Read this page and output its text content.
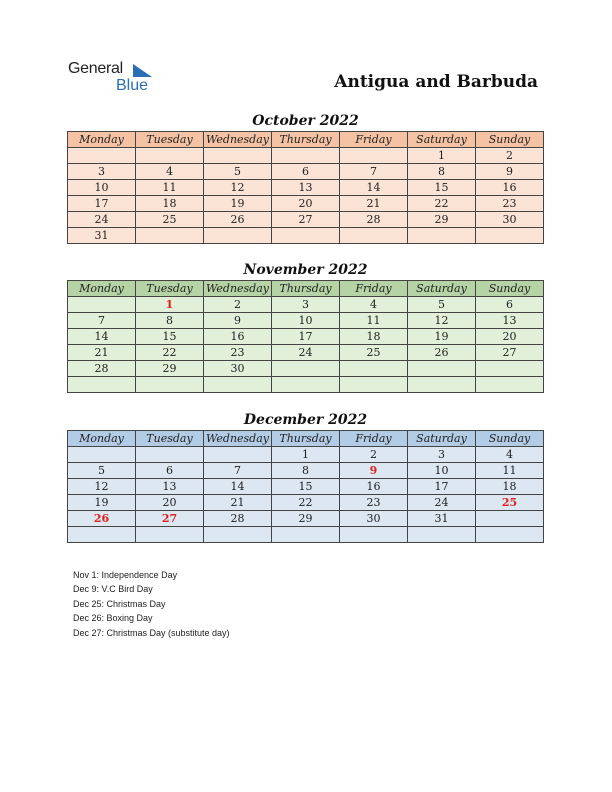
General
Blue	Antigua and Barbuda
October 2022
Monday	Tuesday	Wednesday	Thursday	Friday	Saturday	Sunday
					1	2
3	4	5	6	7	8	9
10	11	12	13	14	15	16
17	18	19	20	21	22	23
24	25	26	27	28	29	30
31						
November 2022
Monday	Tuesday	Wednesday	Thursday	Friday	Saturday	Sunday
	1	2	3	4	5	6
7	8	9	10	11	12	13
14	15	16	17	18	19	20
21	22	23	24	25	26	27
28	29	30				

December 2022
Monday	Tuesday	Wednesday	Thursday	Friday	Saturday	Sunday
			1	2	3	4
5	6	7	8	9	10	11
12	13	14	15	16	17	18
19	20	21	22	23	24	25
26	27	28	29	30	31	

Nov 1: Independence Day
Dec 9: V.C Bird Day
Dec 25: Christmas Day
Dec 26: Boxing Day
Dec 27: Christmas Day (substitute day)
